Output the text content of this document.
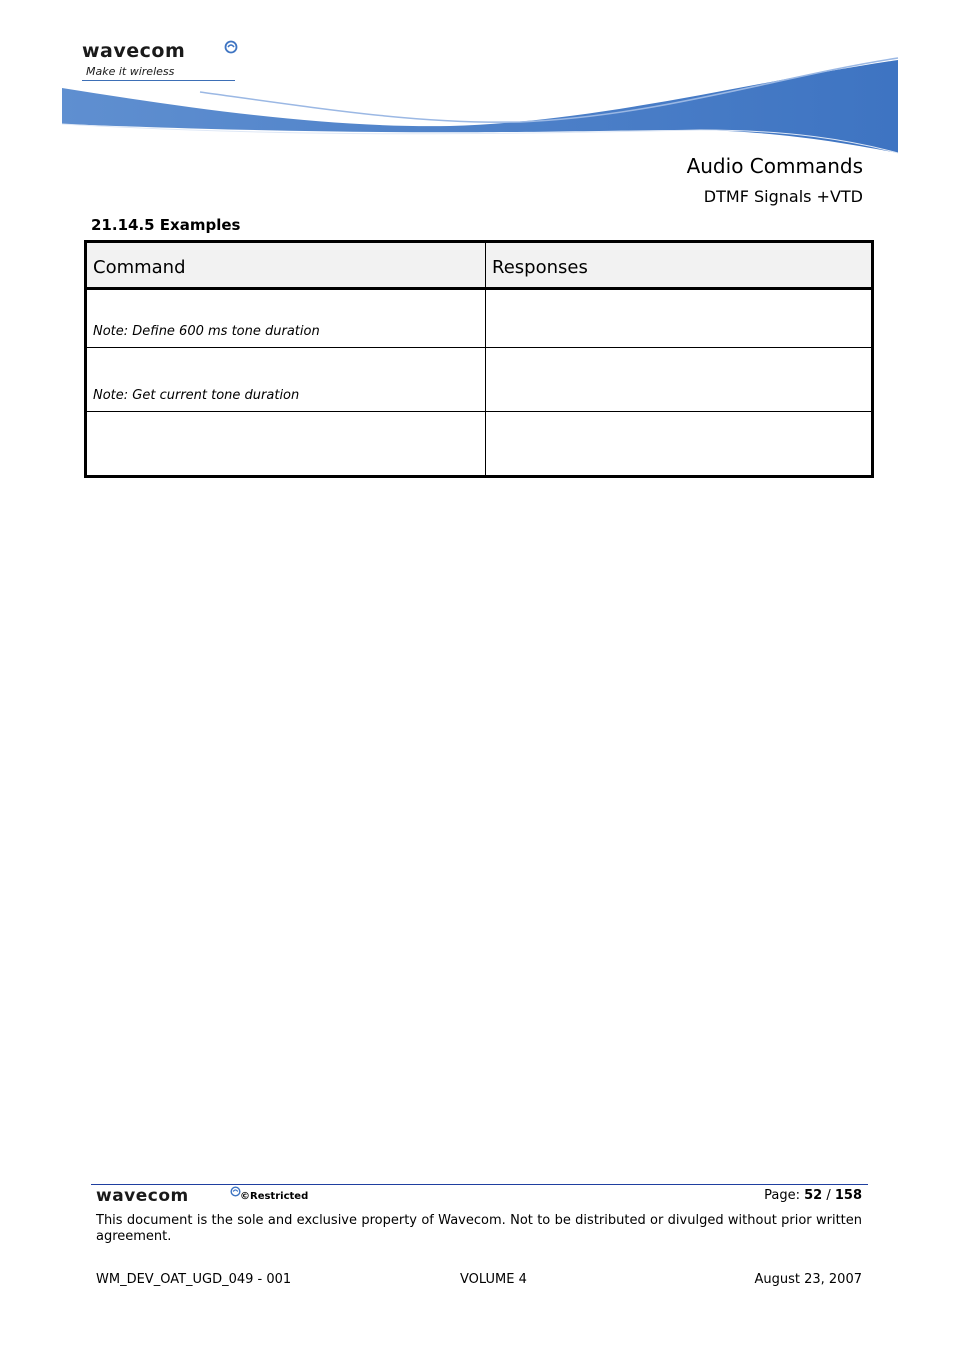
wavecom
Make it wireless
Audio Commands
DTMF Signals +VTD
21.14.5 Examples
Command	Responses
Note: Define 600 ms tone duration	
Note: Get current tone duration	

wavecom	©Restricted	Page: 52 / 158
This document is the sole and exclusive property of Wavecom. Not to be distributed or divulged without prior written agreement.
WM_DEV_OAT_UGD_049 - 001	VOLUME 4	August 23, 2007
